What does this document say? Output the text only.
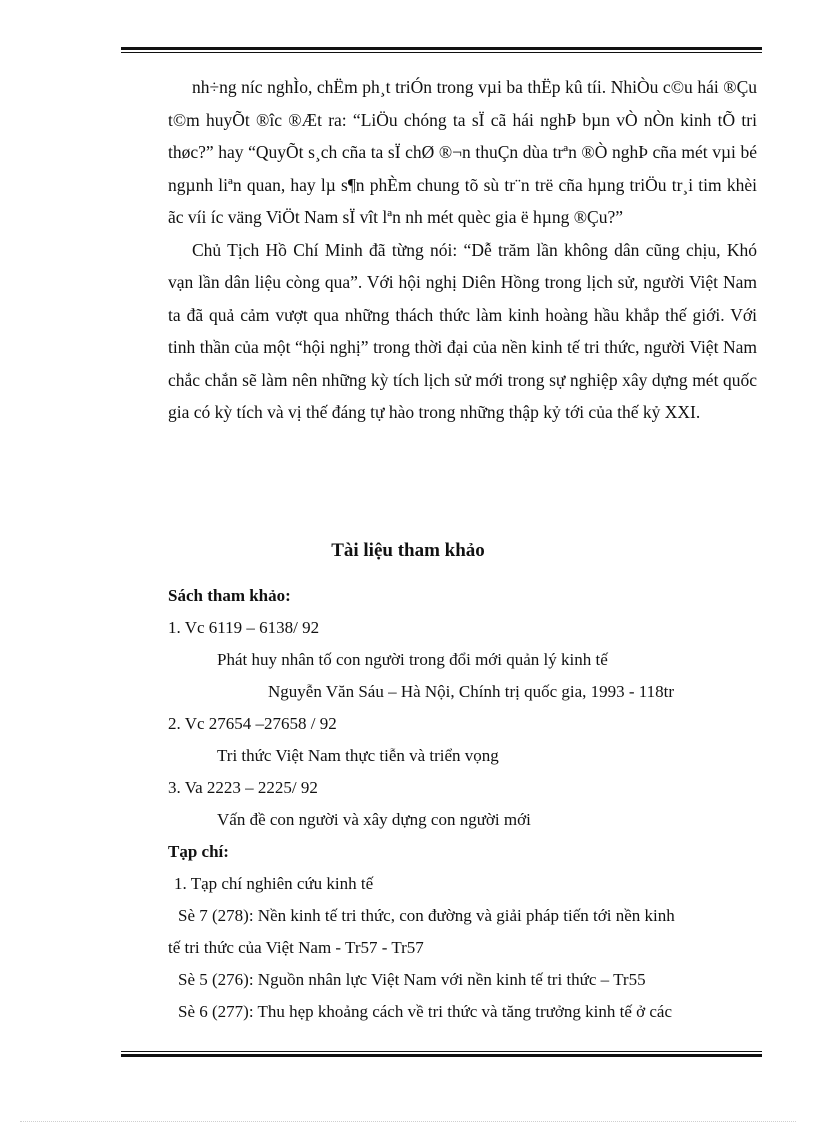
nh÷ng níc nghÌo, chËm ph¸t triÓn trong vµi ba thËp kû tíi. NhiÒu c©u hái ®Çu t©m huyÕt ®îc ®Æt ra: “LiÖu chóng ta sÏ cã hái nghÞ bµn vÒ nÒn kinh tÕ tri thøc?” hay “QuyÕt s¸ch cña ta sÏ chØ ®¬n thuÇn dùa trªn ®Ò nghÞ cña mét vµi bé ngµnh liªn quan, hay lµ s¶n phÈm chung tõ sù tr¨n trë cña hµng triÖu tr¸i tim khèi ãc víi íc väng ViÖt Nam sÏ vît lªn nh mét quèc gia ë hµng ®Çu?”

Chủ Tịch Hồ Chí Minh đã từng nói: “Dễ trăm lần không dân cũng chịu, Khó vạn lần dân liệu còng qua”. Với hội nghị Diên Hồng trong lịch sử, người Việt Nam ta đã quả cảm vượt qua những thách thức làm kinh hoàng hầu khắp thế giới. Với tinh thần của một “hội nghị” trong thời đại của nền kinh tế tri thức, người Việt Nam chắc chắn sẽ làm nên những kỳ tích lịch sử mới trong sự nghiệp xây dựng mét quốc gia có kỳ tích và vị thế đáng tự hào trong những thập kỷ tới của thế kỷ XXI.

Tài liệu tham khảo
Sách tham khảo:
1. Vc 6119 – 6138/ 92
Phát huy nhân tố con người trong đổi mới quản lý kinh tế
Nguyễn Văn Sáu – Hà Nội, Chính trị quốc gia, 1993 - 118tr
2. Vc 27654 –27658 / 92
Tri thức Việt Nam thực tiễn và triển vọng
3. Va 2223 – 2225/ 92
Vấn đề con người và xây dựng con người mới
Tạp chí:
1. Tạp chí nghiên cứu kinh tế
Sè 7 (278): Nền kinh tế tri thức, con đường và giải pháp tiến tới nền kinh
tế tri thức của Việt Nam - Tr57 - Tr57
Sè 5 (276): Nguồn nhân lực Việt Nam với nền kinh tế tri thức – Tr55
Sè 6 (277): Thu hẹp khoảng cách về tri thức và tăng trưởng kinh tế ở các
